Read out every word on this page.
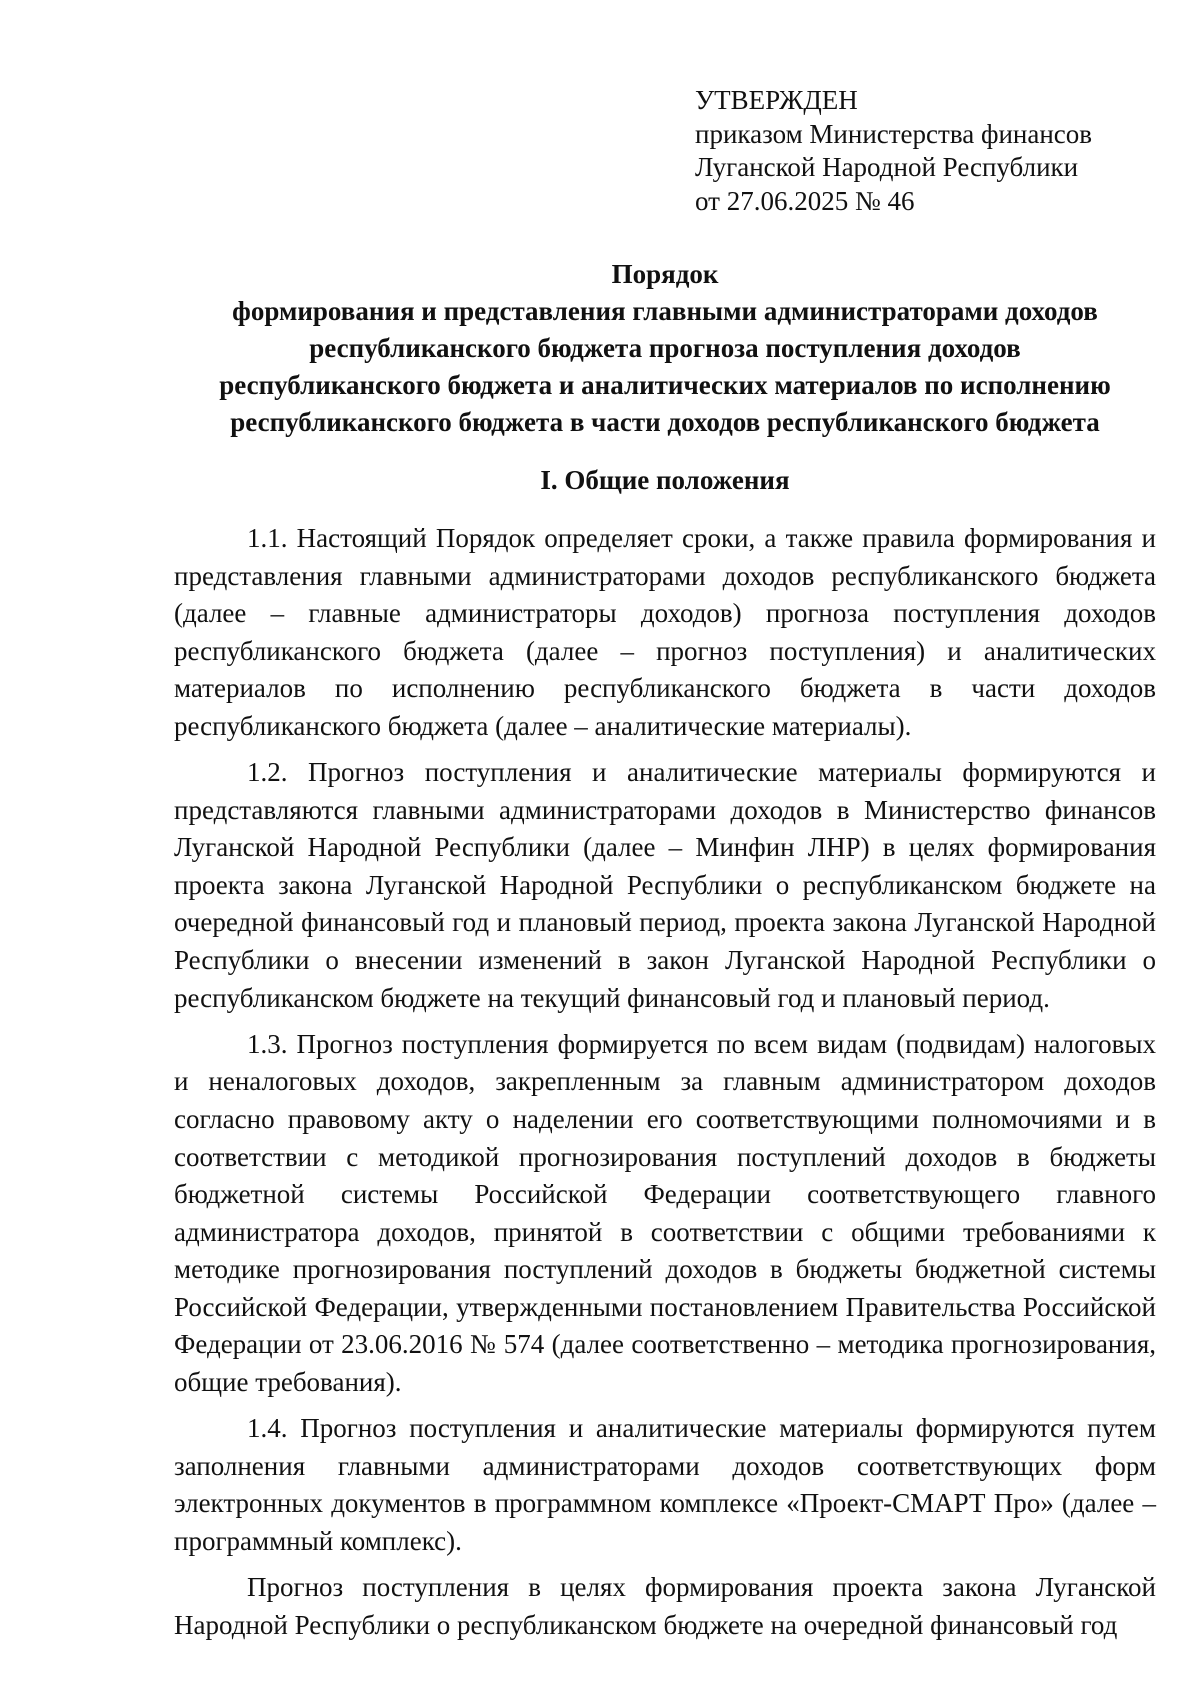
УТВЕРЖДЕН
приказом Министерства финансов
Луганской Народной Республики
от 27.06.2025 № 46
Порядок
формирования и представления главными администраторами доходов
республиканского бюджета прогноза поступления доходов
республиканского бюджета и аналитических материалов по исполнению
республиканского бюджета в части доходов республиканского бюджета
I. Общие положения

1.1. Настоящий Порядок определяет сроки, а также правила формирования и представления главными администраторами доходов республиканского бюджета (далее – главные администраторы доходов) прогноза поступления доходов республиканского бюджета (далее – прогноз поступления) и аналитических материалов по исполнению республиканского бюджета в части доходов республиканского бюджета (далее – аналитические материалы).

1.2. Прогноз поступления и аналитические материалы формируются и представляются главными администраторами доходов в Министерство финансов Луганской Народной Республики (далее – Минфин ЛНР) в целях формирования проекта закона Луганской Народной Республики о республиканском бюджете на очередной финансовый год и плановый период, проекта закона Луганской Народной Республики о внесении изменений в закон Луганской Народной Республики о республиканском бюджете на текущий финансовый год и плановый период.

1.3. Прогноз поступления формируется по всем видам (подвидам) налоговых и неналоговых доходов, закрепленным за главным администратором доходов согласно правовому акту о наделении его соответствующими полномочиями и в соответствии с методикой прогнозирования поступлений доходов в бюджеты бюджетной системы Российской Федерации соответствующего главного администратора доходов, принятой в соответствии с общими требованиями к методике прогнозирования поступлений доходов в бюджеты бюджетной системы Российской Федерации, утвержденными постановлением Правительства Российской Федерации от 23.06.2016 № 574 (далее соответственно – методика прогнозирования, общие требования).

1.4. Прогноз поступления и аналитические материалы формируются путем заполнения главными администраторами доходов соответствующих форм электронных документов в программном комплексе «Проект-СМАРТ Про» (далее – программный комплекс).

Прогноз поступления в целях формирования проекта закона Луганской Народной Республики о республиканском бюджете на очередной финансовый год
